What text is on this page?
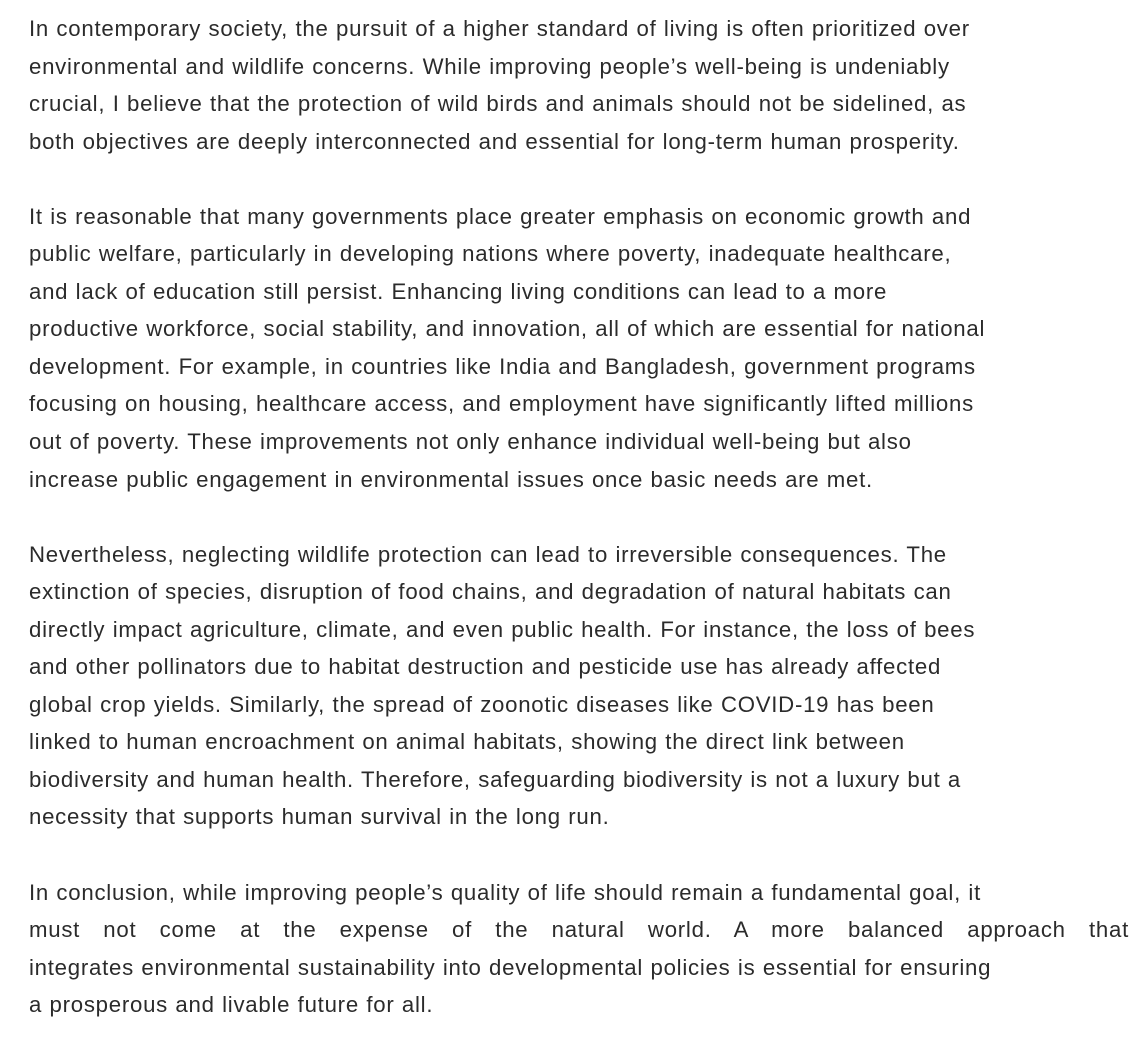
In contemporary society, the pursuit of a higher standard of living is often prioritized over
environmental and wildlife concerns. While improving people’s well-being is undeniably
crucial, I believe that the protection of wild birds and animals should not be sidelined, as
both objectives are deeply interconnected and essential for long-term human prosperity.

It is reasonable that many governments place greater emphasis on economic growth and
public welfare, particularly in developing nations where poverty, inadequate healthcare,
and lack of education still persist. Enhancing living conditions can lead to a more
productive workforce, social stability, and innovation, all of which are essential for national
development. For example, in countries like India and Bangladesh, government programs
focusing on housing, healthcare access, and employment have significantly lifted millions
out of poverty. These improvements not only enhance individual well-being but also
increase public engagement in environmental issues once basic needs are met.

Nevertheless, neglecting wildlife protection can lead to irreversible consequences. The
extinction of species, disruption of food chains, and degradation of natural habitats can
directly impact agriculture, climate, and even public health. For instance, the loss of bees
and other pollinators due to habitat destruction and pesticide use has already affected
global crop yields. Similarly, the spread of zoonotic diseases like COVID-19 has been
linked to human encroachment on animal habitats, showing the direct link between
biodiversity and human health. Therefore, safeguarding biodiversity is not a luxury but a
necessity that supports human survival in the long run.

In conclusion, while improving people’s quality of life should remain a fundamental goal, it
must not come at the expense of the natural world. A more balanced approach that
integrates environmental sustainability into developmental policies is essential for ensuring
a prosperous and livable future for all.
